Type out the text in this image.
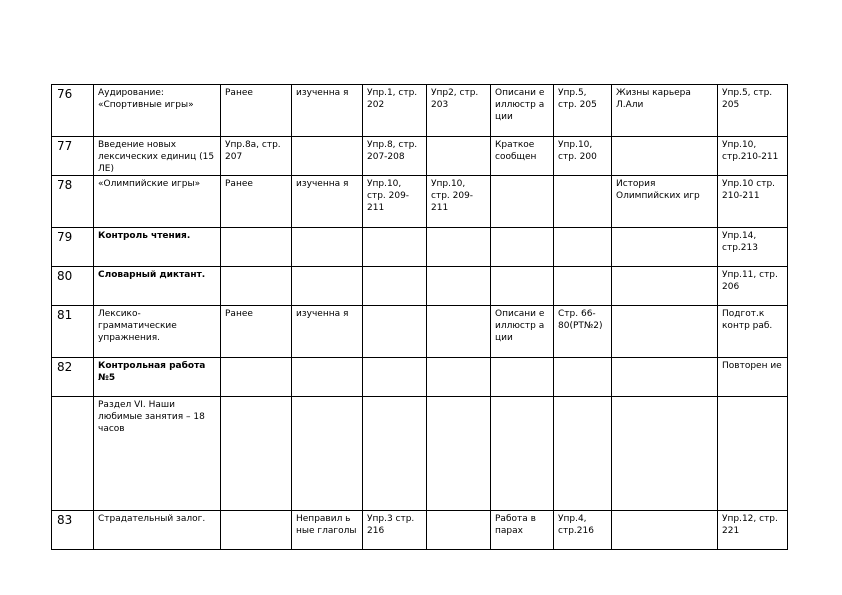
76	Аудирование: «Спортивные игры»	Ранее	изученна я	Упр.1, стр. 202	Упр2, стр. 203	Описани е иллюстр а ции	Упр.5, стр. 205	Жизны карьера Л.Али	Упр.5, стр. 205
77	Введение новых лексических единиц (15 ЛЕ)	Упр.8а, стр. 207		Упр.8, стр. 207-208		Краткое сообщен	Упр.10, стр. 200		Упр.10, стр.210-211
78	«Олимпийские игры»	Ранее	изученна я	Упр.10, стр. 209-211	Упр.10, стр. 209-211			История Олимпийских игр	Упр.10 стр. 210-211
79	Контроль чтения.								Упр.14, стр.213
80	Словарный диктант.								Упр.11, стр. 206
81	Лексико-грамматические упражнения.	Ранее	изученна я			Описани е иллюстр а ции	Стр. 66-80(РТ№2)		Подгот.к контр раб.
82	Контрольная работа №5								Повторен ие
	Раздел VI. Наши любимые занятия – 18 часов								
83	Страдательный залог.		Неправил ь ные глаголы	Упр.3 стр. 216		Работа в парах	Упр.4, стр.216		Упр.12, стр. 221
